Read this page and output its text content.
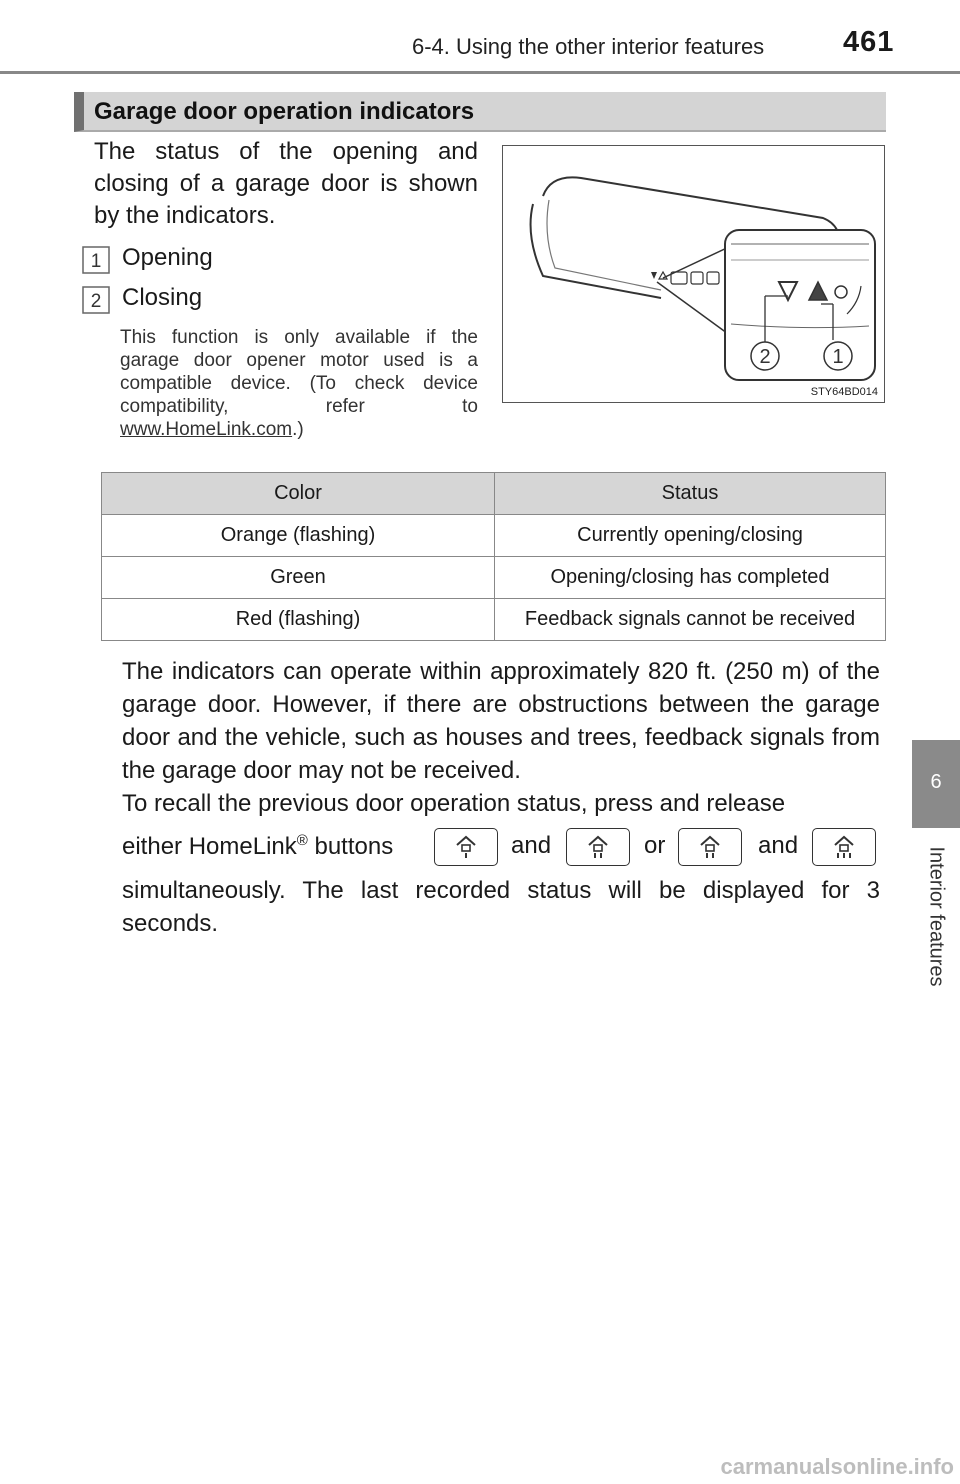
6-4. Using the other interior features	461
6
Interior features
Garage door operation indicators
The status of the opening and closing of a garage door is shown by the indicators.
1 Opening
2 Closing
This function is only available if the garage door opener motor used is a compatible device. (To check device compatibility, refer to www.HomeLink.com.)
2	1
STY64BD014
Color	Status
Orange (flashing)	Currently opening/closing
Green	Opening/closing has completed
Red (flashing)	Feedback signals cannot be received

The indicators can operate within approximately 820 ft. (250 m) of the garage door. However, if there are obstructions between the garage door and the vehicle, such as houses and trees, feedback signals from the garage door may not be received.

To recall the previous door operation status, press and release

either HomeLink® buttons	and	or	and
simultaneously. The last recorded status will be displayed for 3 seconds.
carmanualsonline.info
